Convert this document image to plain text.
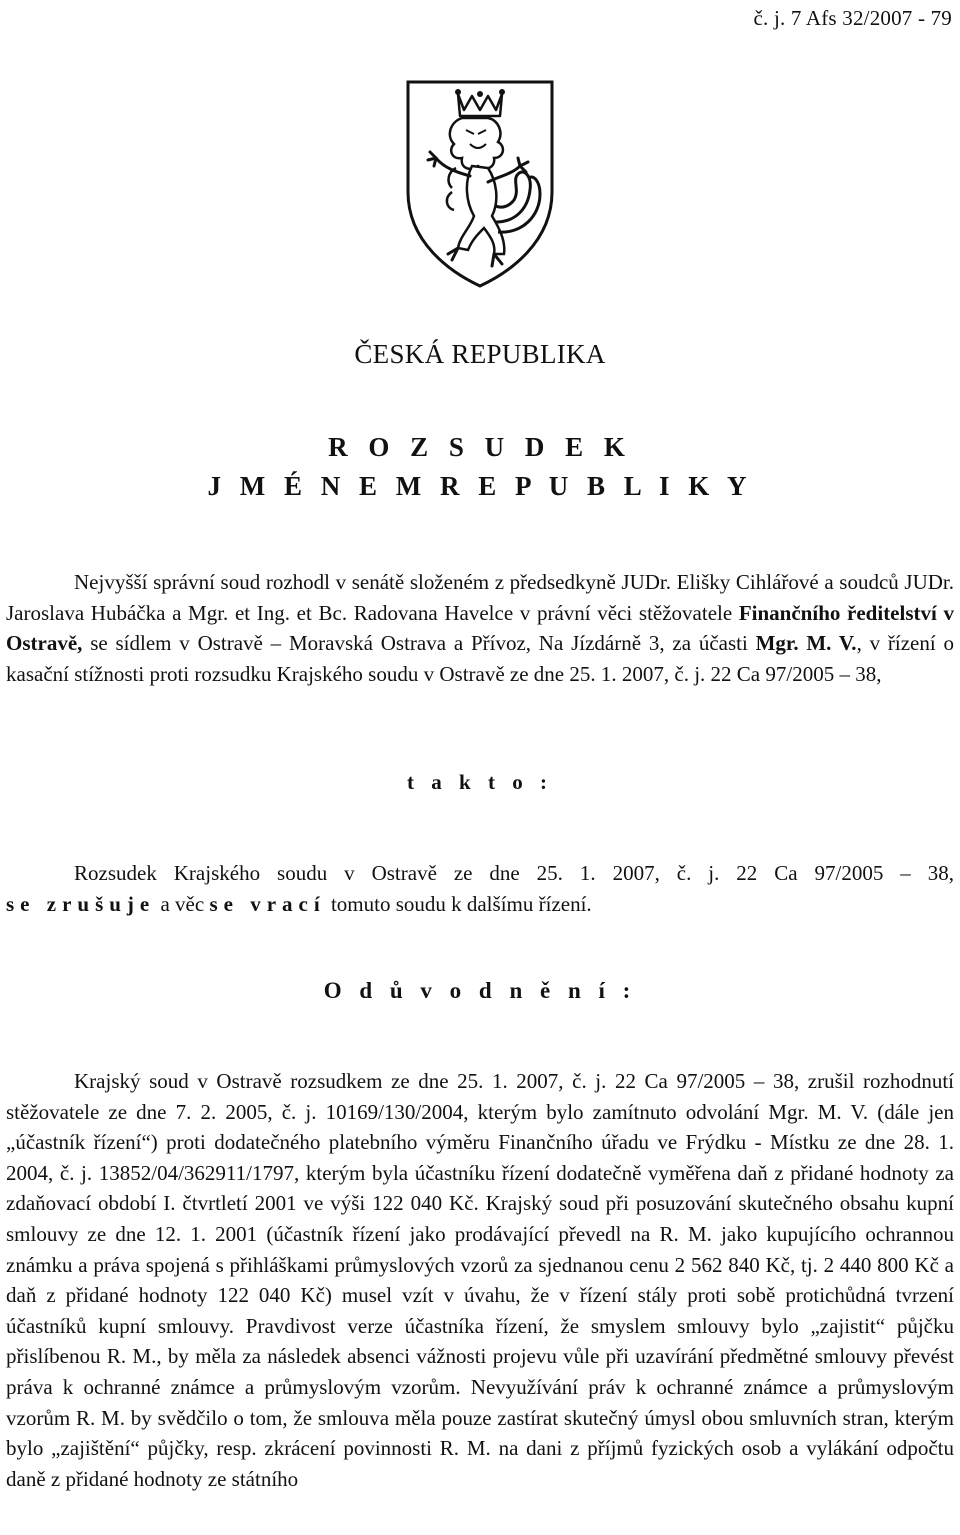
č. j. 7 Afs 32/2007 - 79
ČESKÁ REPUBLIKA
R O Z S U D E K
J M É N E M R E P U B L I K Y

Nejvyšší správní soud rozhodl v senátě složeném z předsedkyně JUDr. Elišky Cihlářové a soudců JUDr. Jaroslava Hubáčka a Mgr. et Ing. et Bc. Radovana Havelce v právní věci stěžovatele Finančního ředitelství v Ostravě, se sídlem v Ostravě – Moravská Ostrava a Přívoz, Na Jízdárně 3, za účasti Mgr. M. V., v řízení o kasační stížnosti proti rozsudku Krajského soudu v Ostravě ze dne 25. 1. 2007, č. j. 22 Ca 97/2005 – 38,

t a k t o :
Rozsudek Krajského soudu v Ostravě ze dne 25. 1. 2007, č. j. 22 Ca 97/2005 – 38,
se zrušuje a věc se vrací tomuto soudu k dalšímu řízení.
O d ů v o d n ě n í :

Krajský soud v Ostravě rozsudkem ze dne 25. 1. 2007, č. j. 22 Ca 97/2005 – 38, zrušil rozhodnutí stěžovatele ze dne 7. 2. 2005, č. j. 10169/130/2004, kterým bylo zamítnuto odvolání Mgr. M. V. (dále jen „účastník řízení“) proti dodatečného platebního výměru Finančního úřadu ve Frýdku - Místku ze dne 28. 1. 2004, č. j. 13852/04/362911/1797, kterým byla účastníku řízení dodatečně vyměřena daň z přidané hodnoty za zdaňovací období I. čtvrtletí 2001 ve výši 122 040 Kč. Krajský soud při posuzování skutečného obsahu kupní smlouvy ze dne 12. 1. 2001 (účastník řízení jako prodávající převedl na R. M. jako kupujícího ochrannou známku a práva spojená s přihláškami průmyslových vzorů za sjednanou cenu 2 562 840 Kč, tj. 2 440 800 Kč a daň z přidané hodnoty 122 040 Kč) musel vzít v úvahu, že v řízení stály proti sobě protichůdná tvrzení účastníků kupní smlouvy. Pravdivost verze účastníka řízení, že smyslem smlouvy bylo „zajistit“ půjčku přislíbenou R. M., by měla za následek absenci vážnosti projevu vůle při uzavírání předmětné smlouvy převést práva k ochranné známce a průmyslovým vzorům. Nevyužívání práv k ochranné známce a průmyslovým vzorům R. M. by svědčilo o tom, že smlouva měla pouze zastírat skutečný úmysl obou smluvních stran, kterým bylo „zajištění“ půjčky, resp. zkrácení povinnosti R. M. na dani z příjmů fyzických osob a vylákání odpočtu daně z přidané hodnoty ze státního
